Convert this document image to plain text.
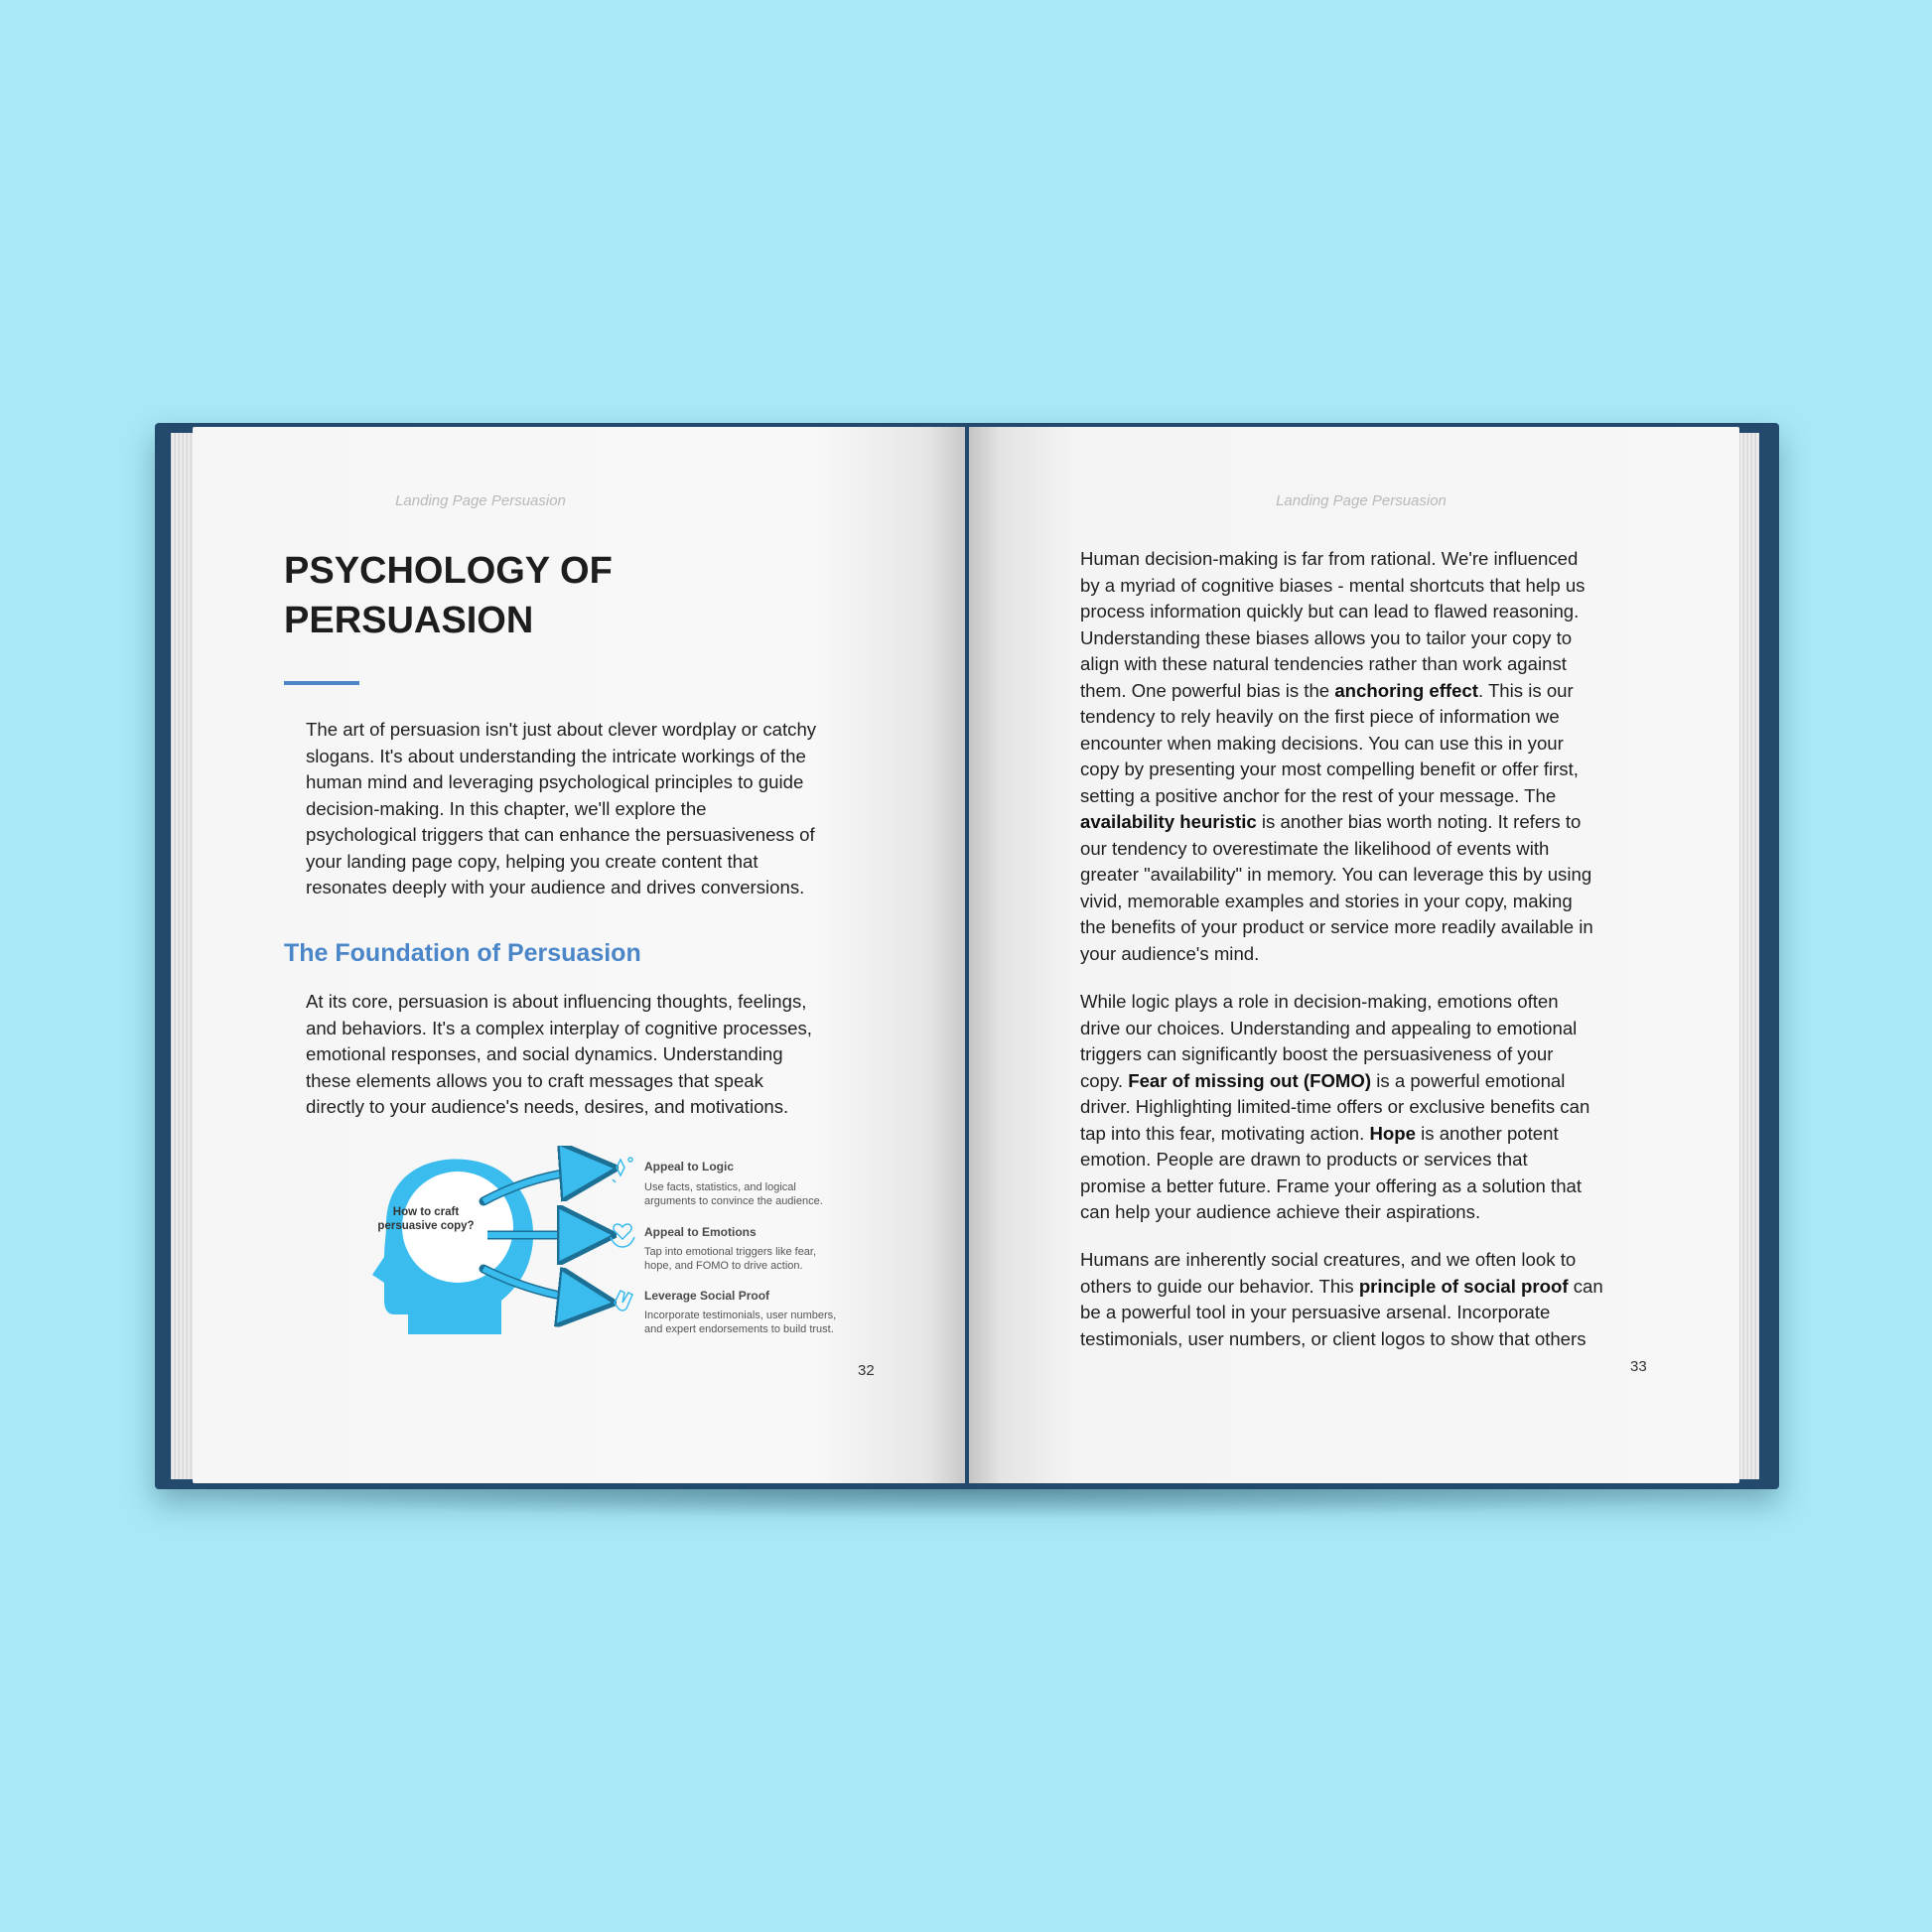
Landing Page Persuasion
PSYCHOLOGY OF PERSUASION

The art of persuasion isn't just about clever wordplay or catchy
slogans. It's about understanding the intricate workings of the
human mind and leveraging psychological principles to guide
decision-making. In this chapter, we'll explore the
psychological triggers that can enhance the persuasiveness of
your landing page copy, helping you create content that
resonates deeply with your audience and drives conversions.

The Foundation of Persuasion

At its core, persuasion is about influencing thoughts, feelings,
and behaviors. It's a complex interplay of cognitive processes,
emotional responses, and social dynamics. Understanding
these elements allows you to craft messages that speak
directly to your audience's needs, desires, and motivations.

How to craft persuasive copy?
Appeal to Logic
Use facts, statistics, and logical
arguments to convince the audience.
Appeal to Emotions
Tap into emotional triggers like fear,
hope, and FOMO to drive action.
Leverage Social Proof
Incorporate testimonials, user numbers,
and expert endorsements to build trust.
32
Landing Page Persuasion

Human decision-making is far from rational. We're influenced
by a myriad of cognitive biases - mental shortcuts that help us
process information quickly but can lead to flawed reasoning.
Understanding these biases allows you to tailor your copy to
align with these natural tendencies rather than work against
them. One powerful bias is the anchoring effect. This is our
tendency to rely heavily on the first piece of information we
encounter when making decisions. You can use this in your
copy by presenting your most compelling benefit or offer first,
setting a positive anchor for the rest of your message. The
availability heuristic is another bias worth noting. It refers to
our tendency to overestimate the likelihood of events with
greater "availability" in memory. You can leverage this by using
vivid, memorable examples and stories in your copy, making
the benefits of your product or service more readily available in
your audience's mind.

While logic plays a role in decision-making, emotions often
drive our choices. Understanding and appealing to emotional
triggers can significantly boost the persuasiveness of your
copy. Fear of missing out (FOMO) is a powerful emotional
driver. Highlighting limited-time offers or exclusive benefits can
tap into this fear, motivating action. Hope is another potent
emotion. People are drawn to products or services that
promise a better future. Frame your offering as a solution that
can help your audience achieve their aspirations.

Humans are inherently social creatures, and we often look to
others to guide our behavior. This principle of social proof can
be a powerful tool in your persuasive arsenal. Incorporate
testimonials, user numbers, or client logos to show that others

33
